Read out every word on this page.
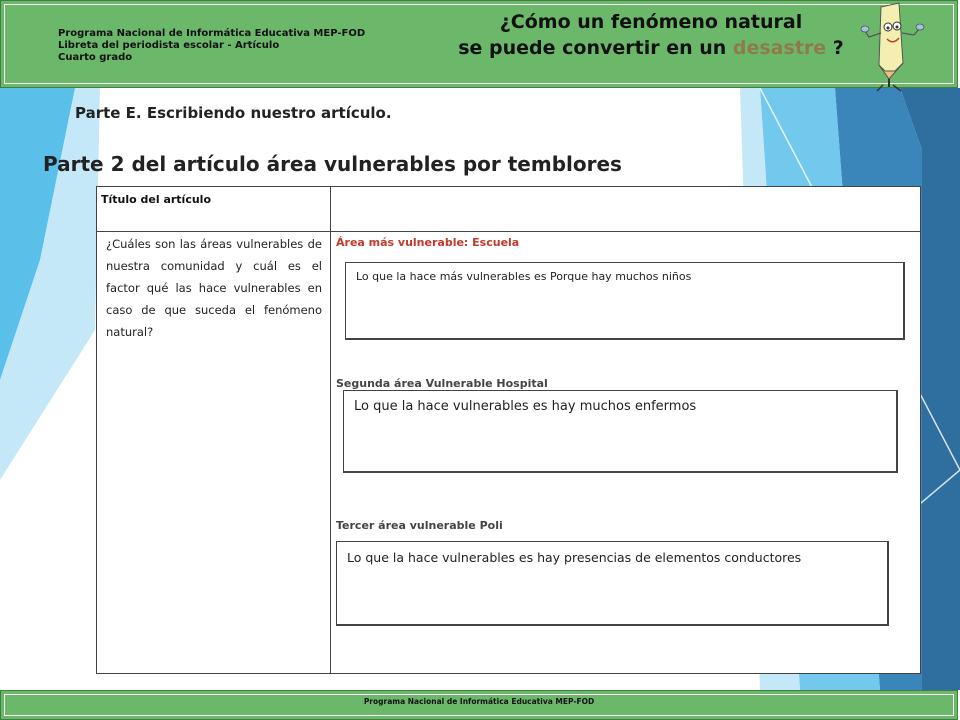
Programa Nacional de Informática Educativa MEP-FOD
Libreta del periodista escolar - Artículo
Cuarto grado
¿Cómo un fenómeno natural
se puede convertir en un desastre ?
Parte E. Escribiendo nuestro artículo.
Parte 2 del artículo área vulnerables por temblores
Título del artículo
¿Cuáles son las áreas vulnerables de nuestra comunidad y cuál es el factor qué las hace vulnerables en caso de que suceda el fenómeno natural?
Área más vulnerable: Escuela
Lo que la hace más vulnerables es Porque hay muchos niños
Segunda área Vulnerable Hospital
Lo que la hace vulnerables es hay muchos enfermos
Tercer área vulnerable Poli
Lo que la hace vulnerables es hay presencias de elementos conductores
Programa Nacional de Informática Educativa MEP-FOD
